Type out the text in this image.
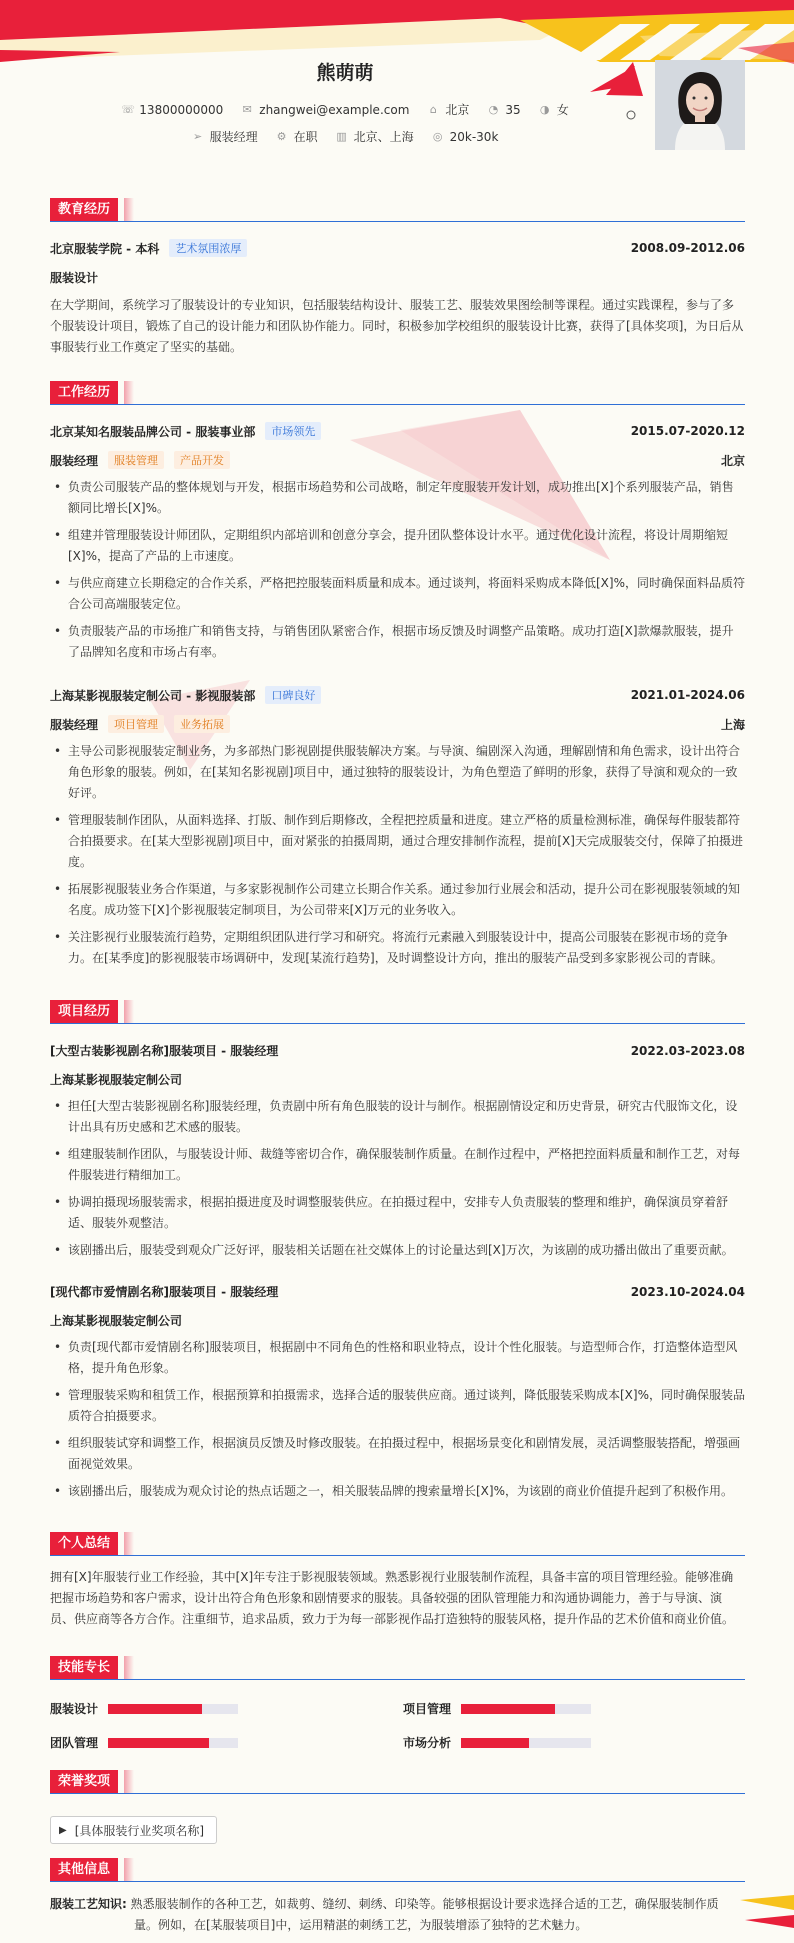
熊萌萌
☏ 13800000000 ✉ zhangwei@example.com ⌂ 北京 ◔ 35 ◑ 女
➢ 服装经理 ⚙ 在职 ▥ 北京、上海 ◎ 20k-30k
教育经历
北京服装学院 - 本科	艺术氛围浓厚	2008.09-2012.06
服装设计
在大学期间，系统学习了服装设计的专业知识，包括服装结构设计、服装工艺、服装效果图绘制等课程。通过实践课程，参与了多个服装设计项目，锻炼了自己的设计能力和团队协作能力。同时，积极参加学校组织的服装设计比赛，获得了[具体奖项]，为日后从事服装行业工作奠定了坚实的基础。
工作经历
北京某知名服装品牌公司 - 服装事业部	市场领先	2015.07-2020.12
服装经理	服装管理	产品开发	北京
• 负责公司服装产品的整体规划与开发，根据市场趋势和公司战略，制定年度服装开发计划，成功推出[X]个系列服装产品，销售额同比增长[X]%。
• 组建并管理服装设计师团队，定期组织内部培训和创意分享会，提升团队整体设计水平。通过优化设计流程，将设计周期缩短[X]%，提高了产品的上市速度。
• 与供应商建立长期稳定的合作关系，严格把控服装面料质量和成本。通过谈判，将面料采购成本降低[X]%，同时确保面料品质符合公司高端服装定位。
• 负责服装产品的市场推广和销售支持，与销售团队紧密合作，根据市场反馈及时调整产品策略。成功打造[X]款爆款服装，提升了品牌知名度和市场占有率。
上海某影视服装定制公司 - 影视服装部	口碑良好	2021.01-2024.06
服装经理	项目管理	业务拓展	上海
• 主导公司影视服装定制业务，为多部热门影视剧提供服装解决方案。与导演、编剧深入沟通，理解剧情和角色需求，设计出符合角色形象的服装。例如，在[某知名影视剧]项目中，通过独特的服装设计，为角色塑造了鲜明的形象，获得了导演和观众的一致好评。
• 管理服装制作团队，从面料选择、打版、制作到后期修改，全程把控质量和进度。建立严格的质量检测标准，确保每件服装都符合拍摄要求。在[某大型影视剧]项目中，面对紧张的拍摄周期，通过合理安排制作流程，提前[X]天完成服装交付，保障了拍摄进度。
• 拓展影视服装业务合作渠道，与多家影视制作公司建立长期合作关系。通过参加行业展会和活动，提升公司在影视服装领域的知名度。成功签下[X]个影视服装定制项目，为公司带来[X]万元的业务收入。
• 关注影视行业服装流行趋势，定期组织团队进行学习和研究。将流行元素融入到服装设计中，提高公司服装在影视市场的竞争力。在[某季度]的影视服装市场调研中，发现[某流行趋势]，及时调整设计方向，推出的服装产品受到多家影视公司的青睐。
项目经历
[大型古装影视剧名称]服装项目 - 服装经理	2022.03-2023.08
上海某影视服装定制公司
• 担任[大型古装影视剧名称]服装经理，负责剧中所有角色服装的设计与制作。根据剧情设定和历史背景，研究古代服饰文化，设计出具有历史感和艺术感的服装。
• 组建服装制作团队，与服装设计师、裁缝等密切合作，确保服装制作质量。在制作过程中，严格把控面料质量和制作工艺，对每件服装进行精细加工。
• 协调拍摄现场服装需求，根据拍摄进度及时调整服装供应。在拍摄过程中，安排专人负责服装的整理和维护，确保演员穿着舒适、服装外观整洁。
• 该剧播出后，服装受到观众广泛好评，服装相关话题在社交媒体上的讨论量达到[X]万次，为该剧的成功播出做出了重要贡献。
[现代都市爱情剧名称]服装项目 - 服装经理	2023.10-2024.04
上海某影视服装定制公司
• 负责[现代都市爱情剧名称]服装项目，根据剧中不同角色的性格和职业特点，设计个性化服装。与造型师合作，打造整体造型风格，提升角色形象。
• 管理服装采购和租赁工作，根据预算和拍摄需求，选择合适的服装供应商。通过谈判，降低服装采购成本[X]%，同时确保服装品质符合拍摄要求。
• 组织服装试穿和调整工作，根据演员反馈及时修改服装。在拍摄过程中，根据场景变化和剧情发展，灵活调整服装搭配，增强画面视觉效果。
• 该剧播出后，服装成为观众讨论的热点话题之一，相关服装品牌的搜索量增长[X]%，为该剧的商业价值提升起到了积极作用。
个人总结
拥有[X]年服装行业工作经验，其中[X]年专注于影视服装领域。熟悉影视行业服装制作流程，具备丰富的项目管理经验。能够准确把握市场趋势和客户需求，设计出符合角色形象和剧情要求的服装。具备较强的团队管理能力和沟通协调能力，善于与导演、演员、供应商等各方合作。注重细节，追求品质，致力于为每一部影视作品打造独特的服装风格，提升作品的艺术价值和商业价值。
技能专长
服装设计	项目管理
团队管理	市场分析
荣誉奖项
▶ [具体服装行业奖项名称]
其他信息
服装工艺知识: 熟悉服装制作的各种工艺，如裁剪、缝纫、刺绣、印染等。能够根据设计要求选择合适的工艺，确保服装制作质
量。例如，在[某服装项目]中，运用精湛的刺绣工艺，为服装增添了独特的艺术魅力。
